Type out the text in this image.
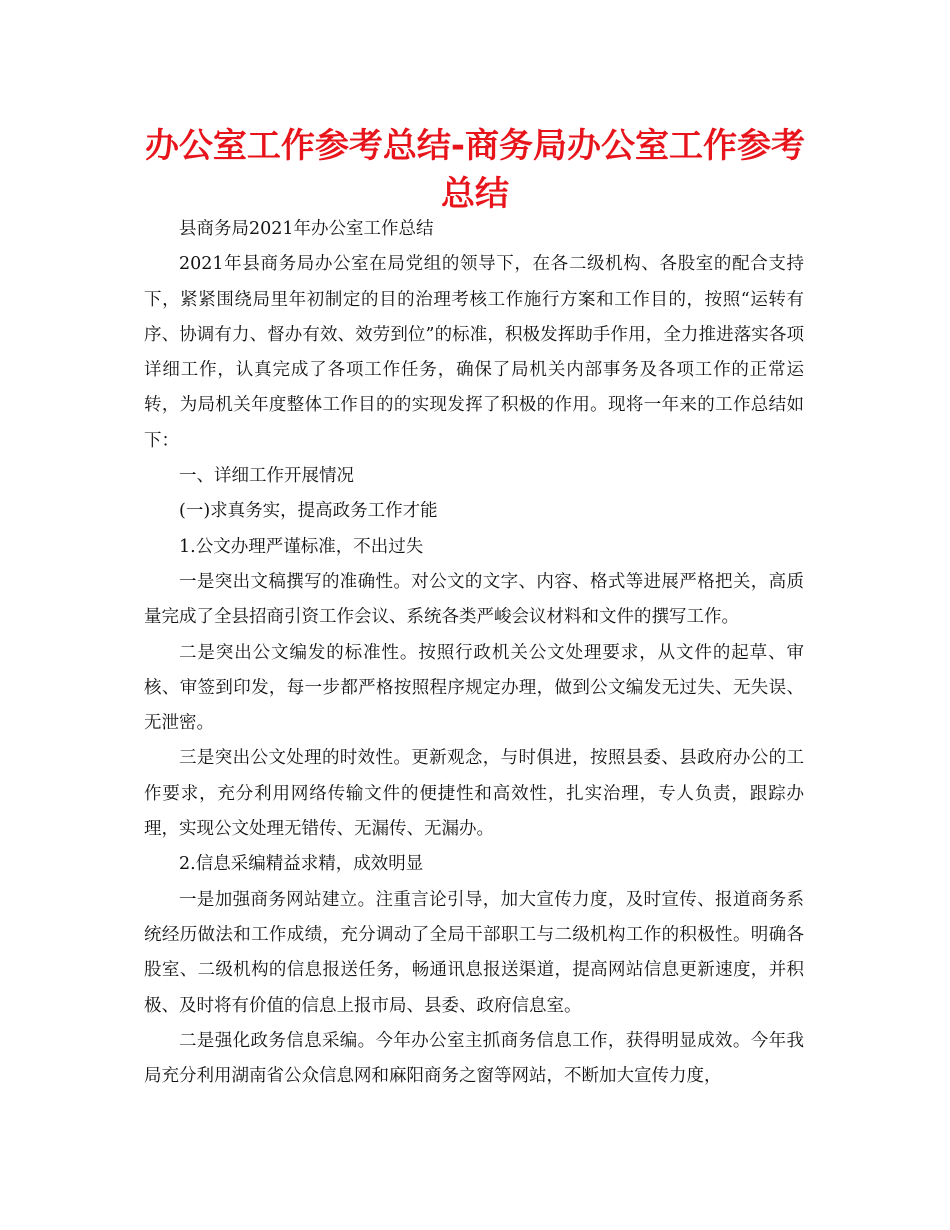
办公室工作参考总结-商务局办公室工作参考总结

县商务局2021年办公室工作总结

2021年县商务局办公室在局党组的领导下，在各二级机构、各股室的配合支持下，紧紧围绕局里年初制定的目的治理考核工作施行方案和工作目的，按照“运转有序、协调有力、督办有效、效劳到位”的标准，积极发挥助手作用，全力推进落实各项详细工作，认真完成了各项工作任务，确保了局机关内部事务及各项工作的正常运转，为局机关年度整体工作目的的实现发挥了积极的作用。现将一年来的工作总结如下：

一、详细工作开展情况

(一)求真务实，提高政务工作才能

1.公文办理严谨标准，不出过失

一是突出文稿撰写的准确性。对公文的文字、内容、格式等进展严格把关，高质量完成了全县招商引资工作会议、系统各类严峻会议材料和文件的撰写工作。

二是突出公文编发的标准性。按照行政机关公文处理要求，从文件的起草、审核、审签到印发，每一步都严格按照程序规定办理，做到公文编发无过失、无失误、无泄密。

三是突出公文处理的时效性。更新观念，与时俱进，按照县委、县政府办公的工作要求，充分利用网络传输文件的便捷性和高效性，扎实治理，专人负责，跟踪办理，实现公文处理无错传、无漏传、无漏办。

2.信息采编精益求精，成效明显

一是加强商务网站建立。注重言论引导，加大宣传力度，及时宣传、报道商务系统经历做法和工作成绩，充分调动了全局干部职工与二级机构工作的积极性。明确各股室、二级机构的信息报送任务，畅通讯息报送渠道，提高网站信息更新速度，并积极、及时将有价值的信息上报市局、县委、政府信息室。

二是强化政务信息采编。今年办公室主抓商务信息工作，获得明显成效。今年我局充分利用湖南省公众信息网和麻阳商务之窗等网站，不断加大宣传力度，
